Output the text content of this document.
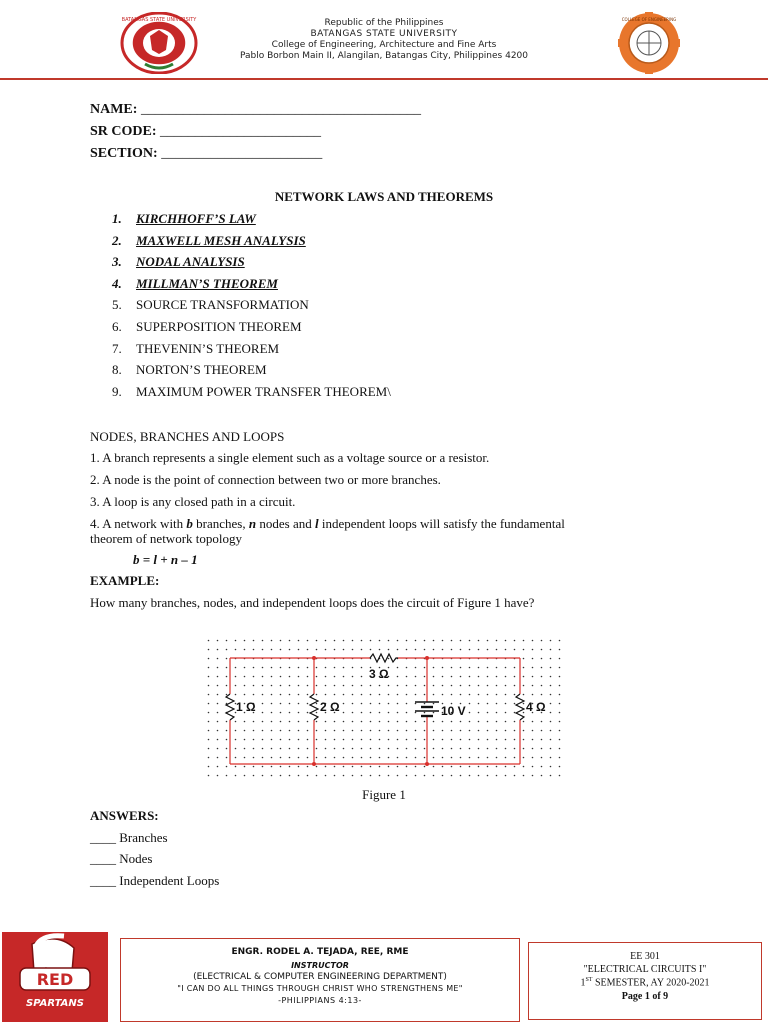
BATANGAS STATE UNIVERSITY	Republic of the Philippines
BATANGAS STATE UNIVERSITY
College of Engineering, Architecture and Fine Arts
Pablo Borbon Main II, Alangilan, Batangas City, Philippines 4200
COLLEGE OF ENGINEERING
NAME: ________________________________________
SR CODE: _______________________
SECTION: _______________________
NETWORK LAWS AND THEOREMS
1. KIRCHHOFF’S LAW
2. MAXWELL MESH ANALYSIS
3. NODAL ANALYSIS
4. MILLMAN’S THEOREM
5. SOURCE TRANSFORMATION
6. SUPERPOSITION THEOREM
7. THEVENIN’S THEOREM
8. NORTON’S THEOREM
9. MAXIMUM POWER TRANSFER THEOREM\
NODES, BRANCHES AND LOOPS
1. A branch represents a single element such as a voltage source or a resistor.
2. A node is the point of connection between two or more branches.
3. A loop is any closed path in a circuit.
4. A network with b branches, n nodes and l independent loops will satisfy the fundamental
theorem of network topology
b = l + n – 1
EXAMPLE:
How many branches, nodes, and independent loops does the circuit of Figure 1 have?
3 Ω
1 Ω	2 Ω	10 V	4 Ω
Figure 1
ANSWERS:
____ Branches
____ Nodes
____ Independent Loops
RED
SPARTANS
ENGR. RODEL A. TEJADA, REE, RME
INSTRUCTOR
(ELECTRICAL & COMPUTER ENGINEERING DEPARTMENT)
"I CAN DO ALL THINGS THROUGH CHRIST WHO STRENGTHENS ME"
-PHILIPPIANS 4:13-
EE 301
"ELECTRICAL CIRCUITS I"
1ST SEMESTER, AY 2020-2021
Page 1 of 9
